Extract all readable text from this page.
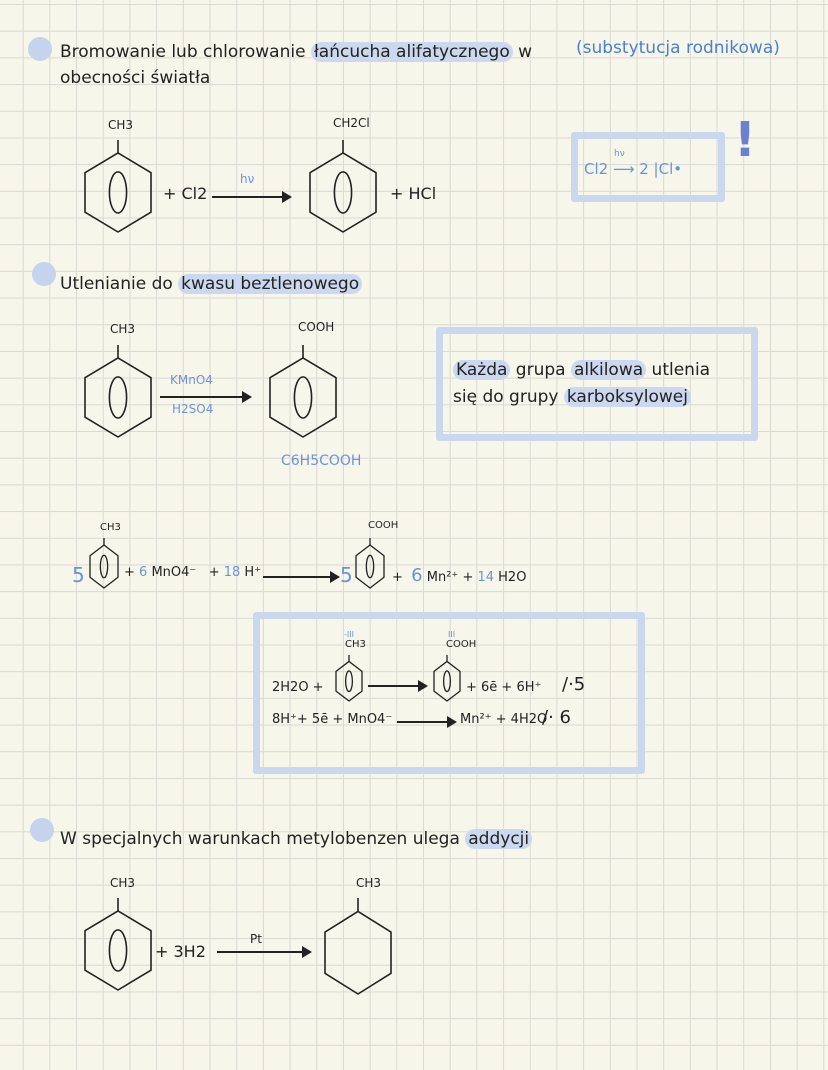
Bromowanie lub chlorowanie łańcucha alifatycznego w
obecności światła
(substytucja rodnikowa)
CH3
+ Cl2
hν
CH2Cl
+ HCl
hν
Cl2 ⟶ 2 |Cl•
!
Utlenianie do kwasu beztlenowego
CH3
KMnO4
H2SO4
COOH
C6H5COOH
Każda grupa alkilowa utlenia
się do grupy karboksylowej
5
CH3
+ 6 MnO4⁻ + 18 H⁺	5
COOH
+  6 Mn²⁺ + 14 H2O
2H2O +
-III
CH3
III
COOH
+ 6ē + 6H⁺ /·5
8H⁺+ 5ē + MnO4⁻ → Mn²⁺ + 4H2O
/· 6
W specjalnych warunkach metylobenzen ulega addycji
CH3
+ 3H2
Pt
CH3
